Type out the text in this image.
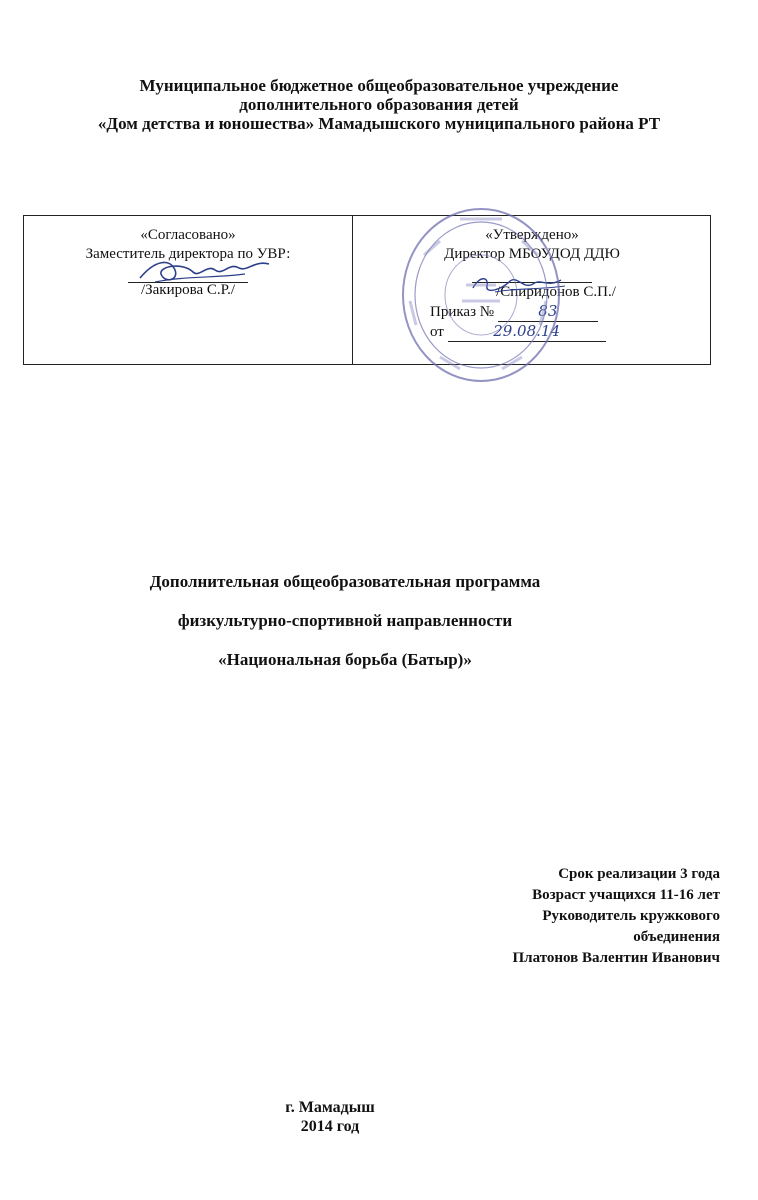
Муниципальное бюджетное общеобразовательное учреждение
дополнительного образования детей
«Дом детства и юношества» Мамадышского муниципального района РТ
«Согласовано»
Заместитель директора по УВР:
/Закирова С.Р./
«Утверждено»
Директор МБОУДОД ДДЮ
/Спиридонов С.П./
Приказ №	83
от	29.08.14
Дополнительная общеобразовательная программа
физкультурно-спортивной направленности
«Национальная борьба (Батыр)»
Срок реализации 3 года
Возраст учащихся 11-16 лет
Руководитель кружкового
объединения
Платонов Валентин Иванович
г. Мамадыш
2014 год
